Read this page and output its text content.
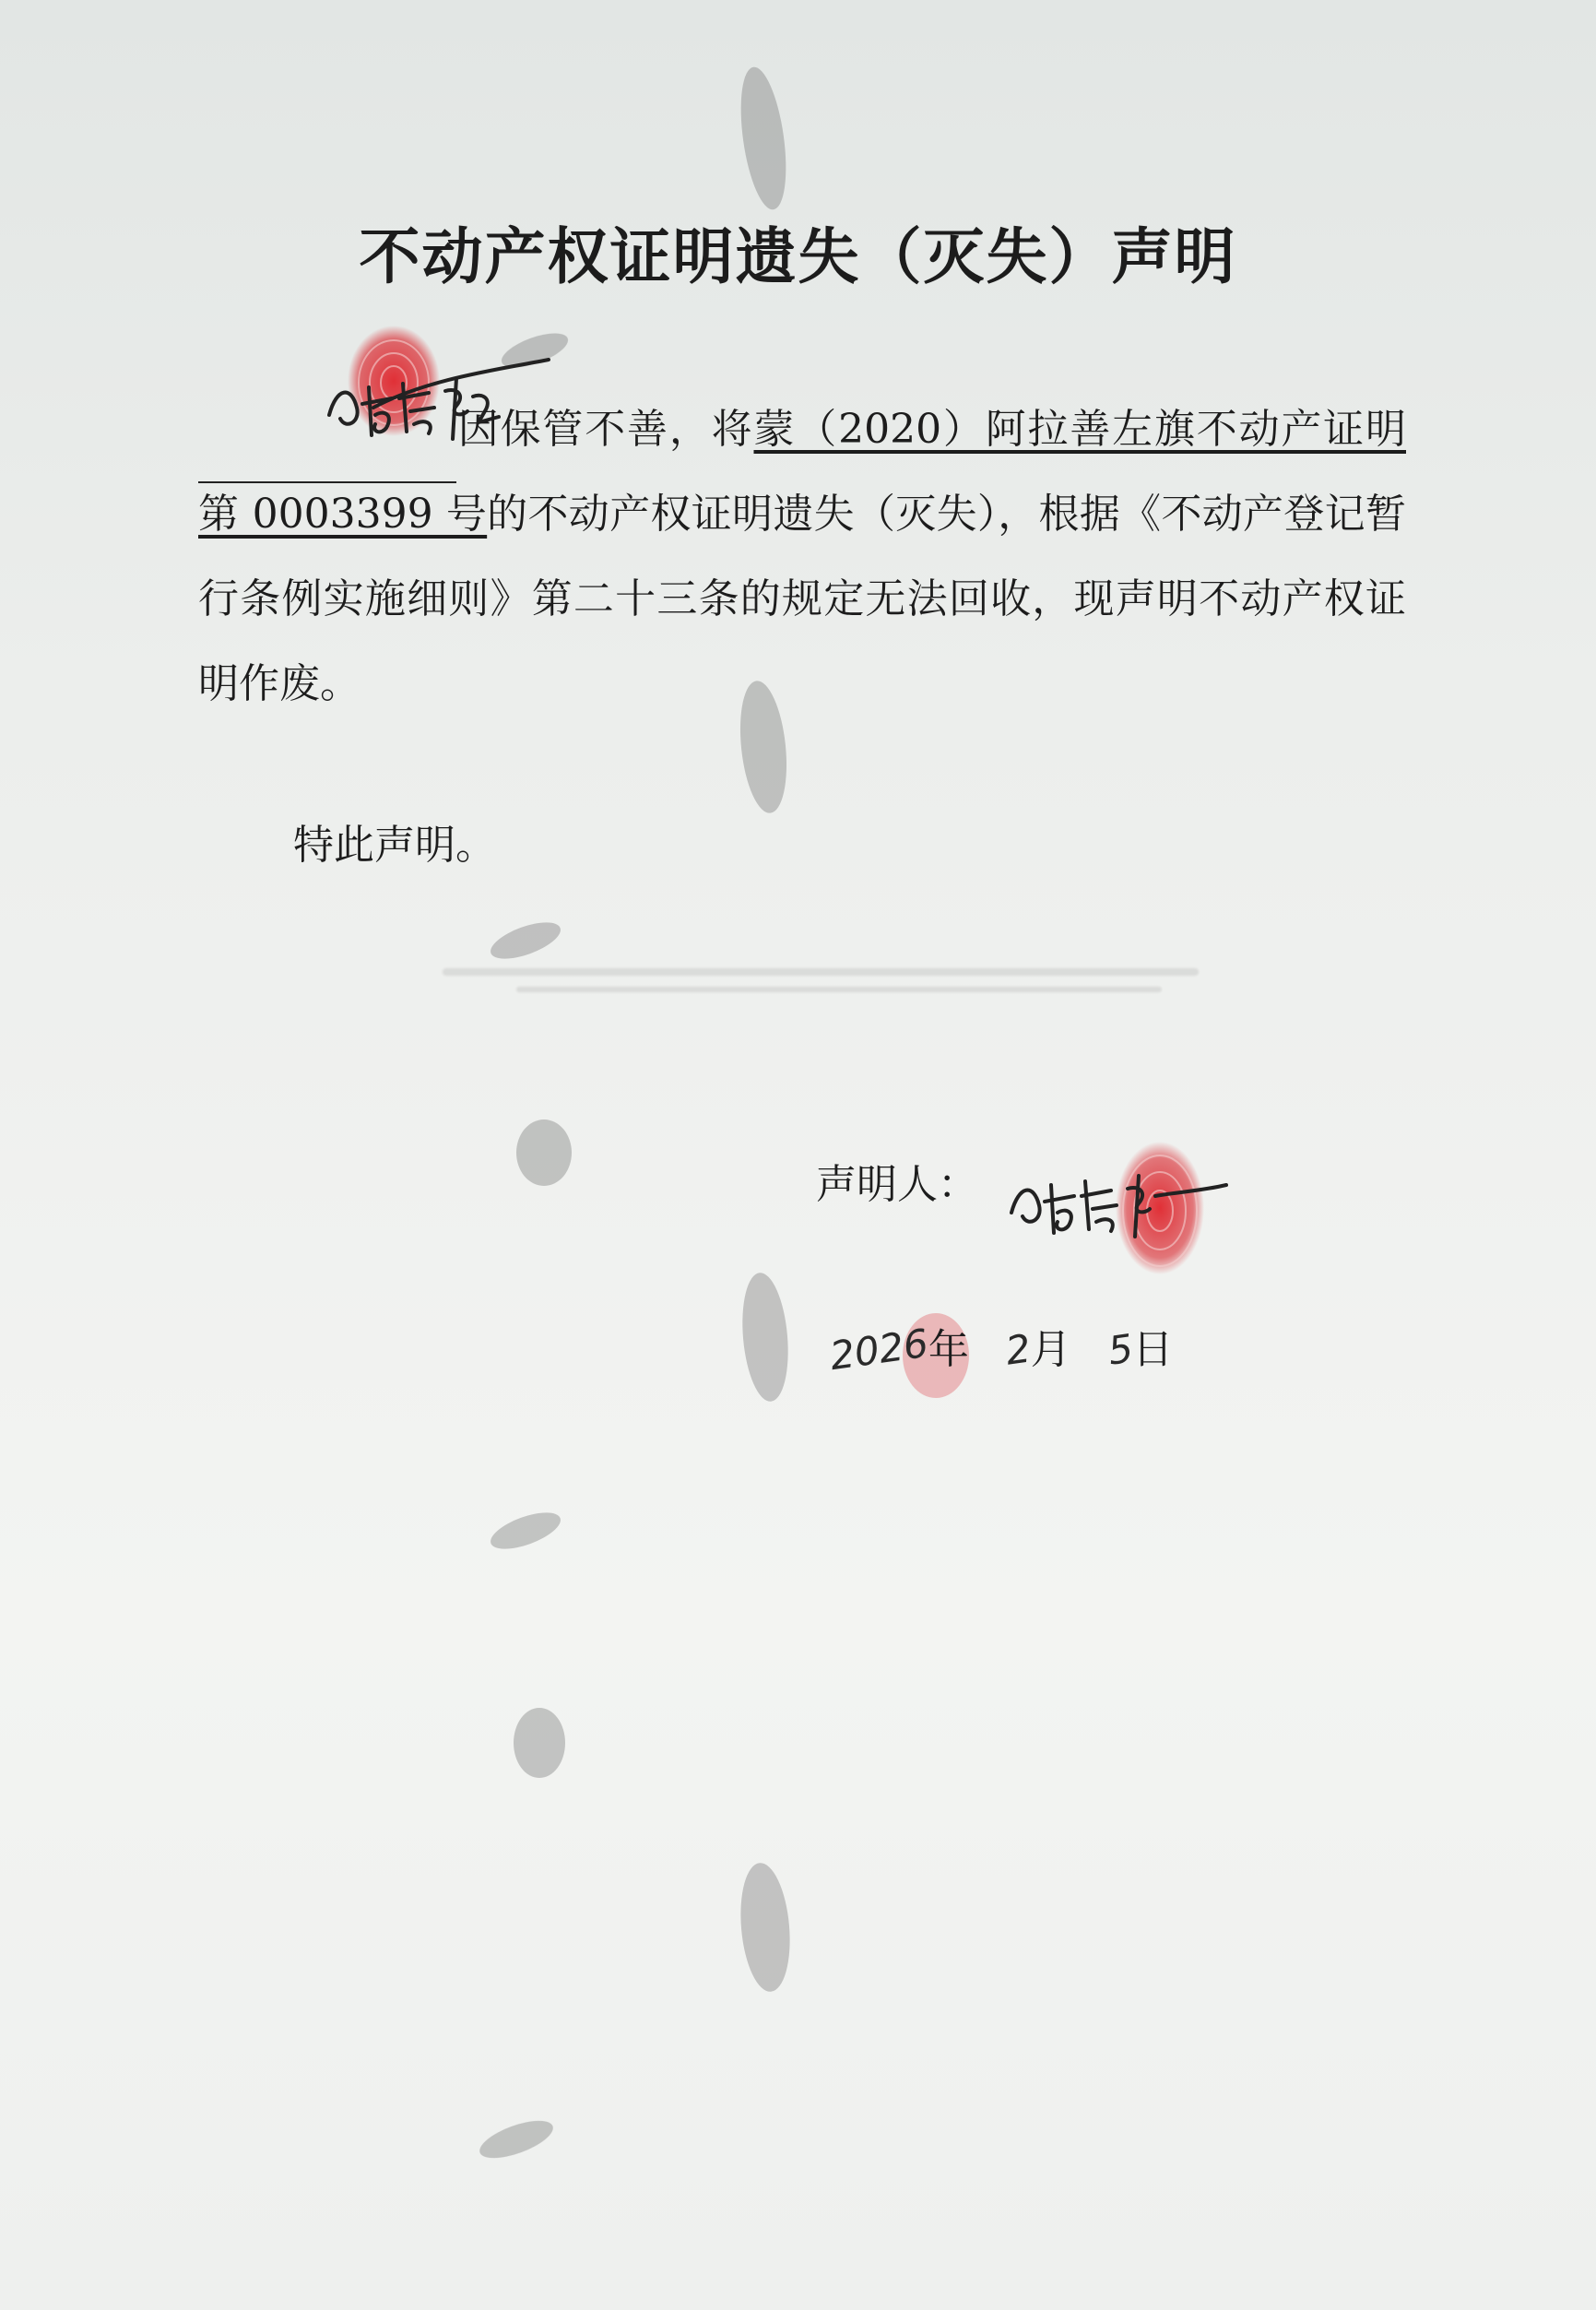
不动产权证明遗失（灭失）声明

因保管不善，将蒙（2020）阿拉善左旗不动产证明第 0003399 号的不动产权证明遗失（灭失），根据《不动产登记暂行条例实施细则》第二十三条的规定无法回收，现声明不动产权证明作废。

特此声明。

声明人：
2026年 2月 5日
